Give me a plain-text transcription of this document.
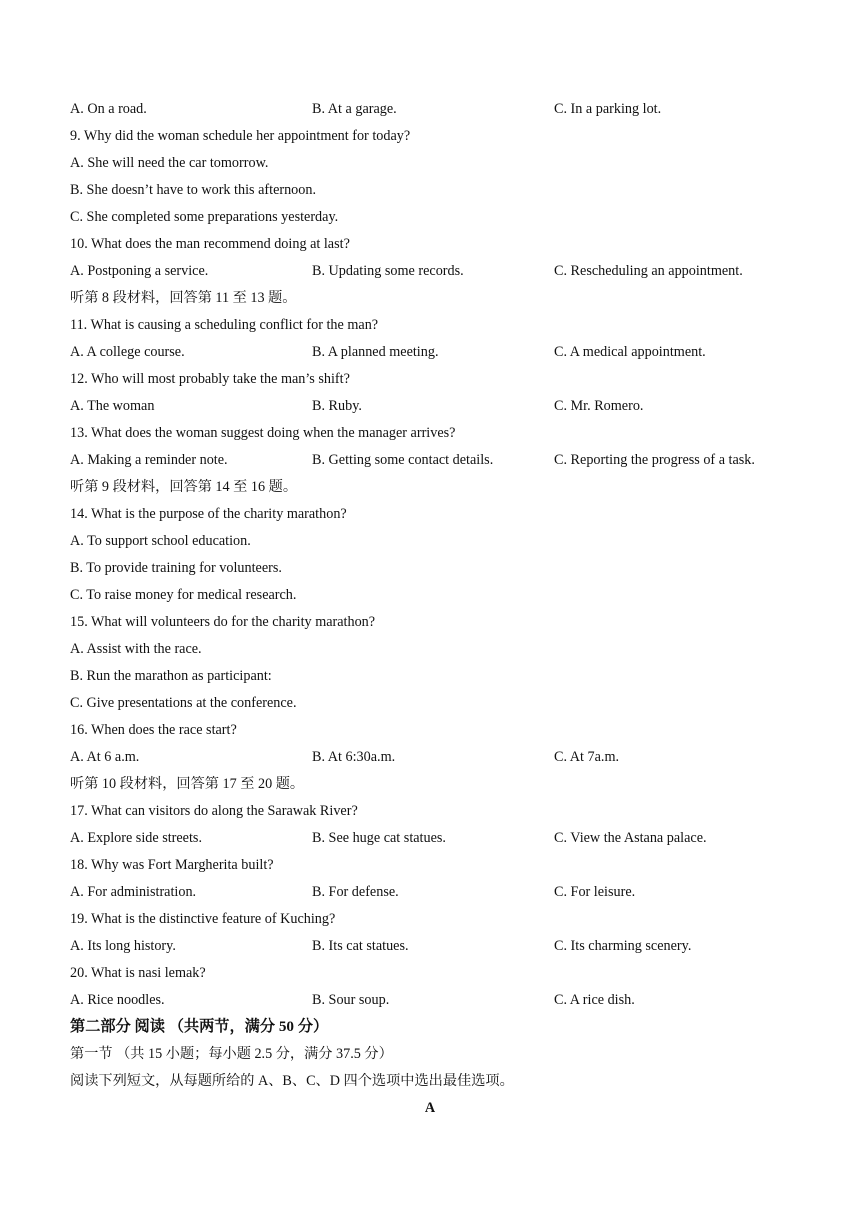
A. On a road.	B. At a garage.	C. In a parking lot.
9. Why did the woman schedule her appointment for today?
A. She will need the car tomorrow.
B. She doesn’t have to work this afternoon.
C. She completed some preparations yesterday.
10. What does the man recommend doing at last?
A. Postponing a service.	B. Updating some records.	C. Rescheduling an appointment.
听第 8 段材料，回答第 11 至 13 题。
11. What is causing a scheduling conflict for the man?
A. A college course.	B. A planned meeting.	C. A medical appointment.
12. Who will most probably take the man’s shift?
A. The woman	B. Ruby.	C. Mr. Romero.
13. What does the woman suggest doing when the manager arrives?
A. Making a reminder note.	B. Getting some contact details.	C. Reporting the progress of a task.
听第 9 段材料，回答第 14 至 16 题。
14. What is the purpose of the charity marathon?
A. To support school education.
B. To provide training for volunteers.
C. To raise money for medical research.
15. What will volunteers do for the charity marathon?
A. Assist with the race.
B. Run the marathon as participant:
C. Give presentations at the conference.
16. When does the race start?
A. At 6 a.m.	B. At 6:30a.m.	C. At 7a.m.
听第 10 段材料，回答第 17 至 20 题。
17. What can visitors do along the Sarawak River?
A. Explore side streets.	B. See huge cat statues.	C. View the Astana palace.
18. Why was Fort Margherita built?
A. For administration.	B. For defense.	C. For leisure.
19. What is the distinctive feature of Kuching?
A. Its long history.	B. Its cat statues.	C. Its charming scenery.
20. What is nasi lemak?
A. Rice noodles.	B. Sour soup.	C. A rice dish.
第二部分 阅读 （共两节，满分 50 分）
第一节 （共 15 小题；每小题 2.5 分，满分 37.5 分）
阅读下列短文，从每题所给的 A、B、C、D 四个选项中选出最佳选项。
A
